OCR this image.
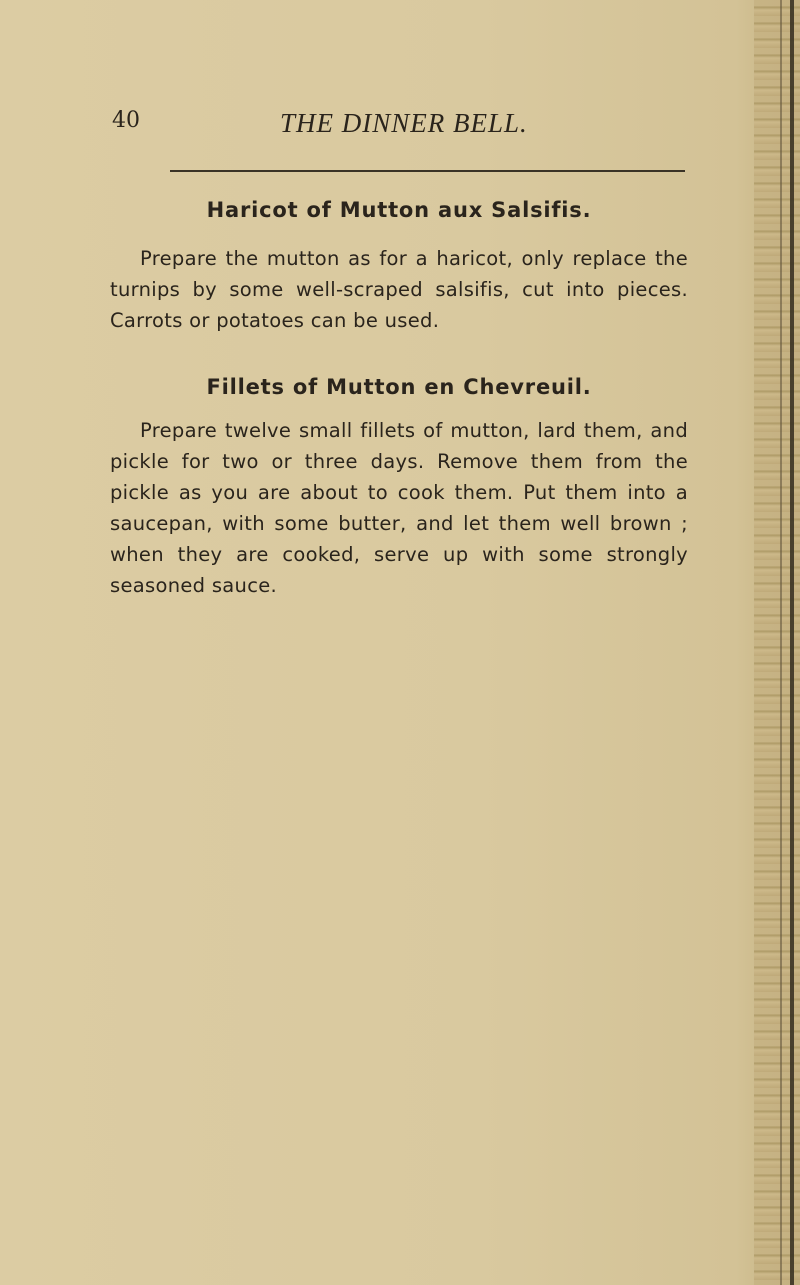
40	THE DINNER BELL.
Haricot of Mutton aux Salsifis.

Prepare the mutton as for a haricot, only replace the turnips by some well-scraped salsifis, cut into pieces. Carrots or potatoes can be used.

Fillets of Mutton en Chevreuil.

Prepare twelve small fillets of mutton, lard them, and pickle for two or three days. Remove them from the pickle as you are about to cook them. Put them into a saucepan, with some butter, and let them well brown ; when they are cooked, serve up with some strongly seasoned sauce.
